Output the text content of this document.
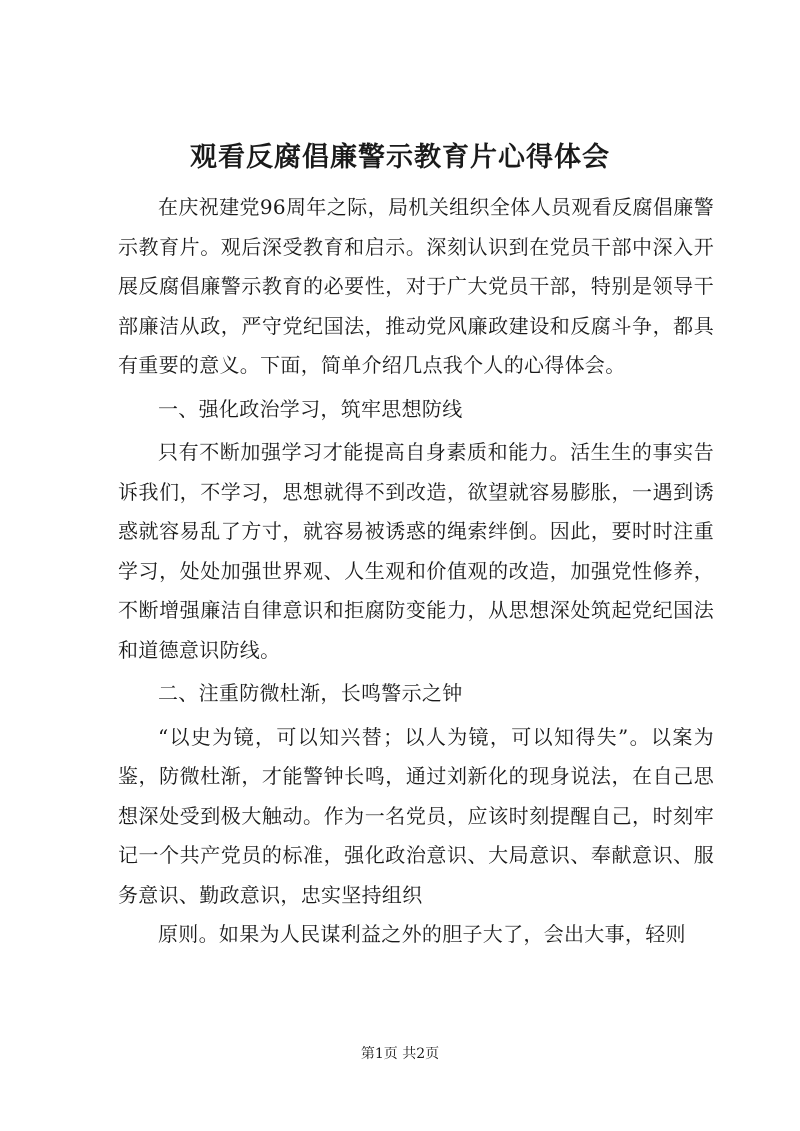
观看反腐倡廉警示教育片心得体会

在庆祝建党96周年之际，局机关组织全体人员观看反腐倡廉警示教育片。观后深受教育和启示。深刻认识到在党员干部中深入开展反腐倡廉警示教育的必要性，对于广大党员干部，特别是领导干部廉洁从政，严守党纪国法，推动党风廉政建设和反腐斗争，都具有重要的意义。下面，简单介绍几点我个人的心得体会。

一、强化政治学习，筑牢思想防线

只有不断加强学习才能提高自身素质和能力。活生生的事实告诉我们，不学习，思想就得不到改造，欲望就容易膨胀，一遇到诱惑就容易乱了方寸，就容易被诱惑的绳索绊倒。因此，要时时注重学习，处处加强世界观、人生观和价值观的改造，加强党性修养，不断增强廉洁自律意识和拒腐防变能力，从思想深处筑起党纪国法和道德意识防线。

二、注重防微杜渐，长鸣警示之钟

“以史为镜，可以知兴替；以人为镜，可以知得失”。以案为鉴，防微杜渐，才能警钟长鸣，通过刘新化的现身说法，在自己思想深处受到极大触动。作为一名党员，应该时刻提醒自己，时刻牢记一个共产党员的标准，强化政治意识、大局意识、奉献意识、服务意识、勤政意识，忠实坚持组织

原则。如果为人民谋利益之外的胆子大了，会出大事，轻则

第1页 共2页
